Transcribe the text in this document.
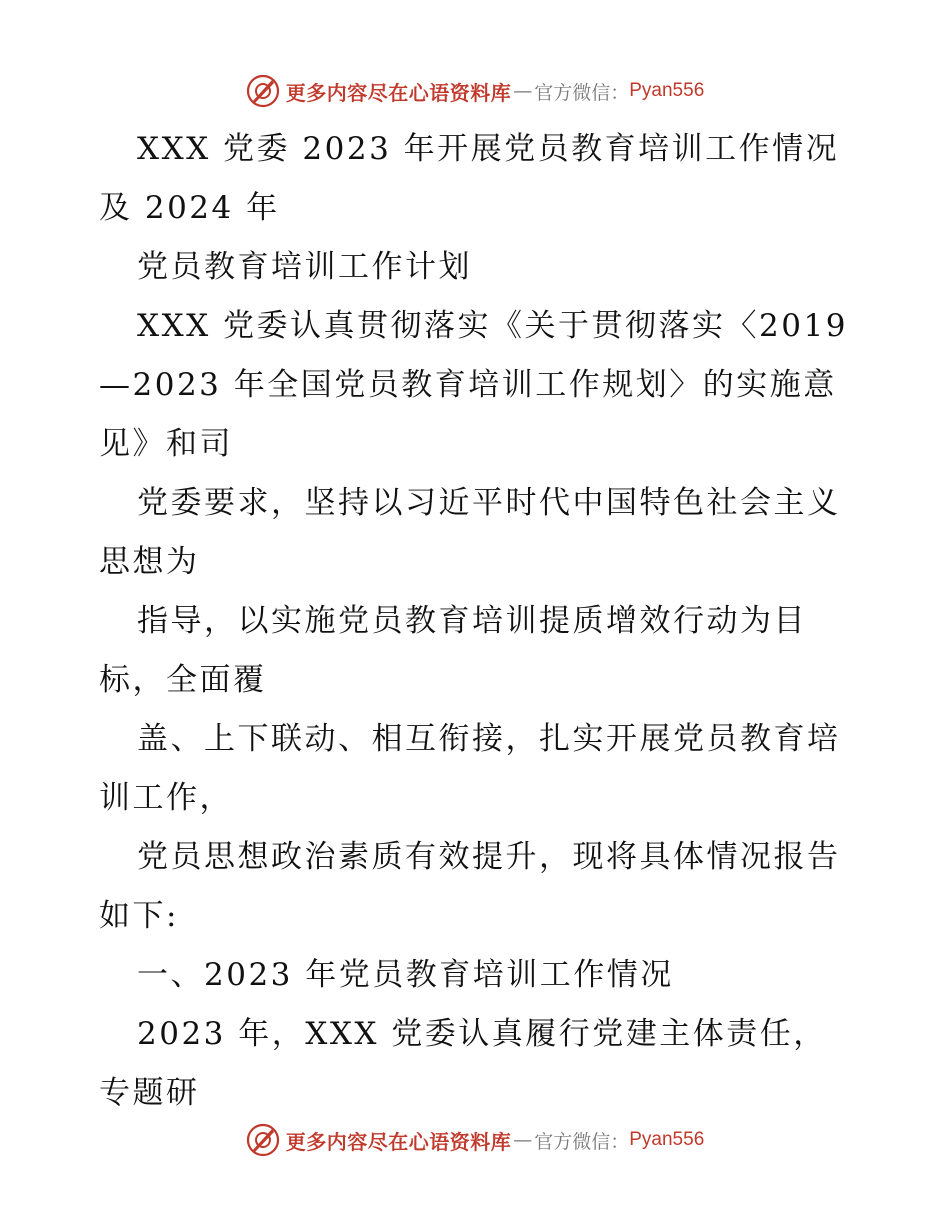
更多内容尽在心语资料库 — 官方微信： Pyan556

XXX 党委 2023 年开展党员教育培训工作情况及 2024 年

党员教育培训工作计划

XXX 党委认真贯彻落实《关于贯彻落实〈2019—2023 年全国党员教育培训工作规划〉的实施意见》和司

党委要求，坚持以习近平时代中国特色社会主义思想为

指导，以实施党员教育培训提质增效行动为目标，全面覆

盖、上下联动、相互衔接，扎实开展党员教育培训工作，

党员思想政治素质有效提升，现将具体情况报告如下:

一、2023 年党员教育培训工作情况

2023 年，XXX 党委认真履行党建主体责任，专题研

更多内容尽在心语资料库 — 官方微信： Pyan556
